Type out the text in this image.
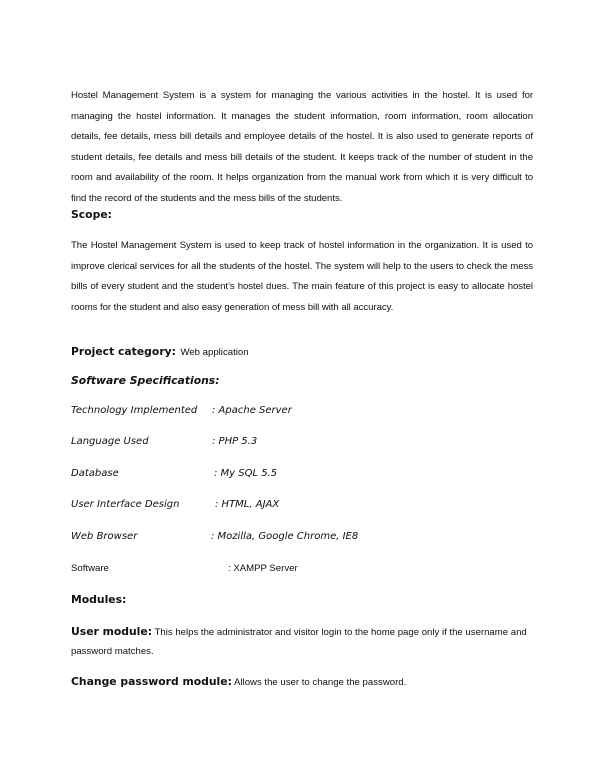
Hostel Management System is a system for managing the various activities in the hostel. It is used for managing the hostel information. It manages the student information, room information, room allocation details, fee details, mess bill details and employee details of the hostel. It is also used to generate reports of student details, fee details and mess bill details of the student. It keeps track of the number of student in the room and availability of the room. It helps organization from the manual work from which it is very difficult to find the record of the students and the mess bills of the students.
Scope:
The Hostel Management System is used to keep track of hostel information in the organization. It is used to improve clerical services for all the students of the hostel. The system will help to the users to check the mess bills of every student and the student’s hostel dues. The main feature of this project is easy to allocate hostel rooms for the student and also easy generation of mess bill with all accuracy.
Project category: Web application
Software Specifications:
Technology Implemented : Apache Server
Language Used	: PHP 5.3
Database	: My SQL 5.5
User Interface Design	: HTML, AJAX
Web Browser	: Mozilla, Google Chrome, IE8
Software	: XAMPP Server
Modules:
User module: This helps the administrator and visitor login to the home page only if the username and password matches.
Change password module: Allows the user to change the password.
